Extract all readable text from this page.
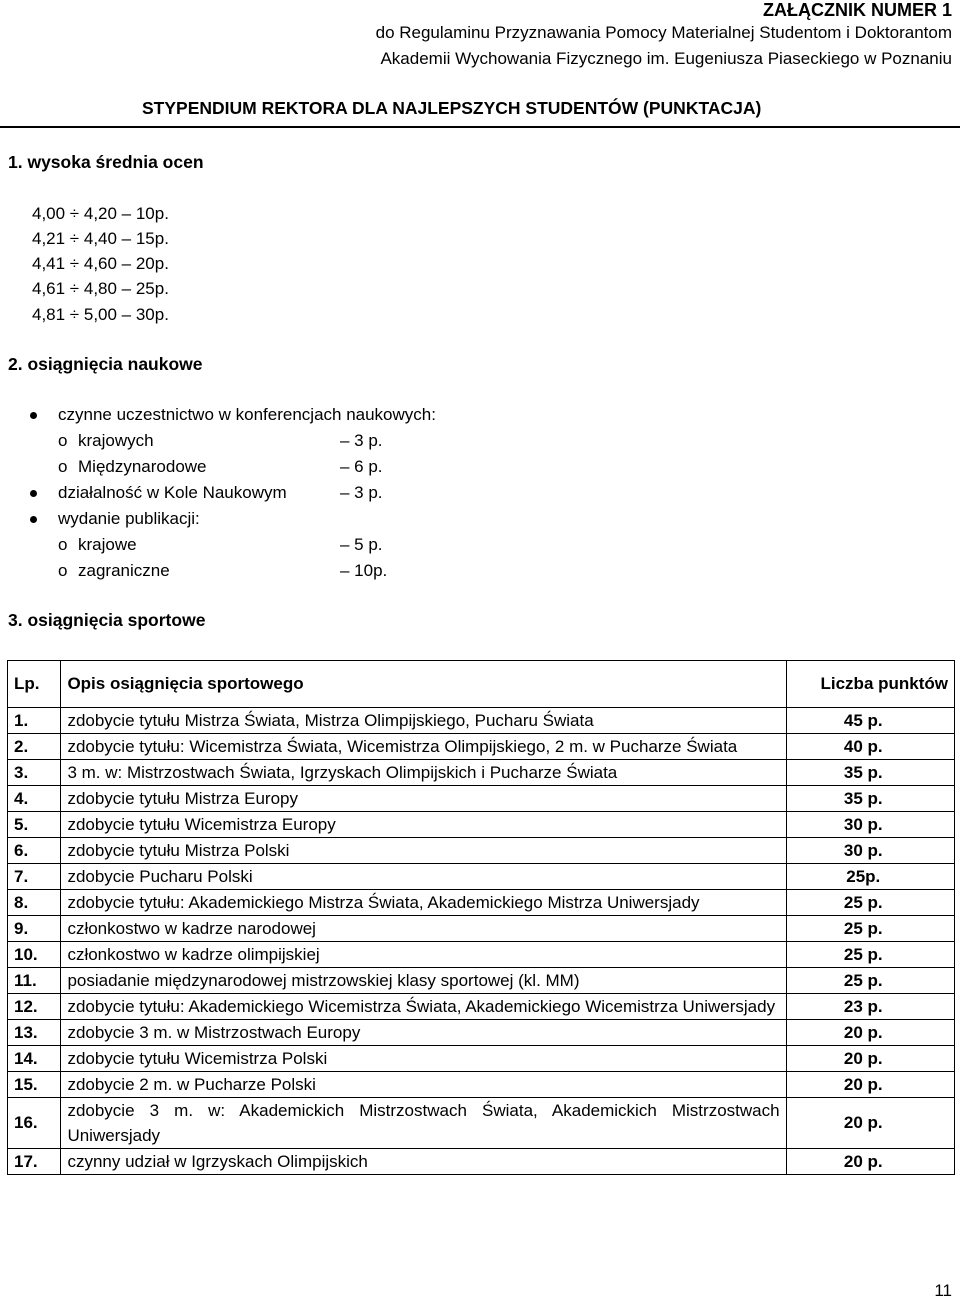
ZAŁĄCZNIK NUMER 1
do Regulaminu Przyznawania Pomocy Materialnej Studentom i Doktorantom
Akademii Wychowania Fizycznego im. Eugeniusza Piaseckiego w Poznaniu
STYPENDIUM REKTORA DLA NAJLEPSZYCH STUDENTÓW (PUNKTACJA)
1. wysoka średnia ocen
4,00 ÷ 4,20 – 10p.
4,21 ÷ 4,40 – 15p.
4,41 ÷ 4,60 – 20p.
4,61 ÷ 4,80 – 25p.
4,81 ÷ 5,00 – 30p.
2. osiągnięcia naukowe
czynne uczestnictwo w konferencjach naukowych:
o krajowych	– 3 p.
o Międzynarodowe	– 6 p.
działalność w Kole Naukowym	– 3 p.
wydanie publikacji:
o krajowe	– 5 p.
o zagraniczne	– 10p.
3. osiągnięcia sportowe
Lp.	Opis osiągnięcia sportowego	Liczba punktów
1.	zdobycie tytułu Mistrza Świata, Mistrza Olimpijskiego, Pucharu Świata	45 p.
2.	zdobycie tytułu: Wicemistrza Świata, Wicemistrza Olimpijskiego, 2 m. w Pucharze Świata	40 p.
3.	3 m. w: Mistrzostwach Świata, Igrzyskach Olimpijskich i Pucharze Świata	35 p.
4.	zdobycie tytułu Mistrza Europy	35 p.
5.	zdobycie tytułu Wicemistrza Europy	30 p.
6.	zdobycie tytułu Mistrza Polski	30 p.
7.	zdobycie Pucharu Polski	25p.
8.	zdobycie tytułu: Akademickiego Mistrza Świata, Akademickiego Mistrza Uniwersjady	25 p.
9.	członkostwo w kadrze narodowej	25 p.
10.	członkostwo w kadrze olimpijskiej	25 p.
11.	posiadanie międzynarodowej mistrzowskiej klasy sportowej (kl. MM)	25 p.
12.	zdobycie tytułu: Akademickiego Wicemistrza Świata, Akademickiego Wicemistrza Uniwersjady	23 p.
13.	zdobycie 3 m. w Mistrzostwach Europy	20 p.
14.	zdobycie tytułu Wicemistrza Polski	20 p.
15.	zdobycie 2 m. w Pucharze Polski	20 p.
16.	zdobycie 3 m. w: Akademickich Mistrzostwach Świata, Akademickich Mistrzostwach Uniwersjady	20 p.
17.	czynny udział w Igrzyskach Olimpijskich	20 p.
11
